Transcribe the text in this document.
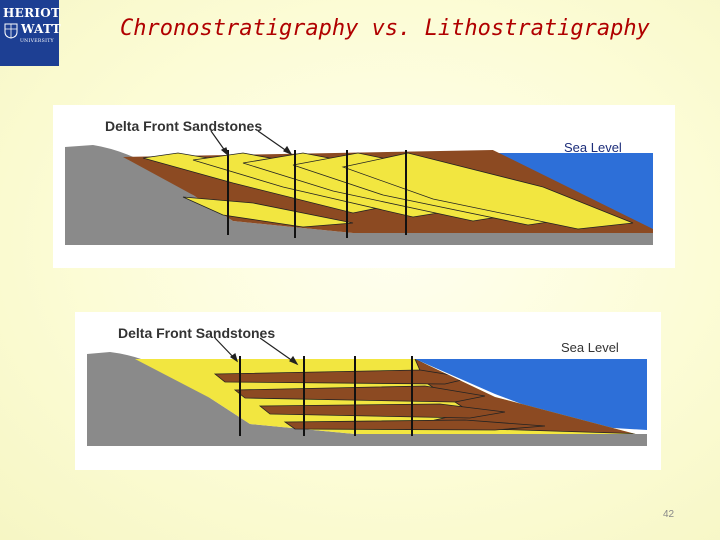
HERIOT
WATT
UNIVERSITY
Chronostratigraphy vs. Lithostratigraphy
Delta Front Sandstones
Sea Level
Delta Front Sandstones
Sea Level
42
